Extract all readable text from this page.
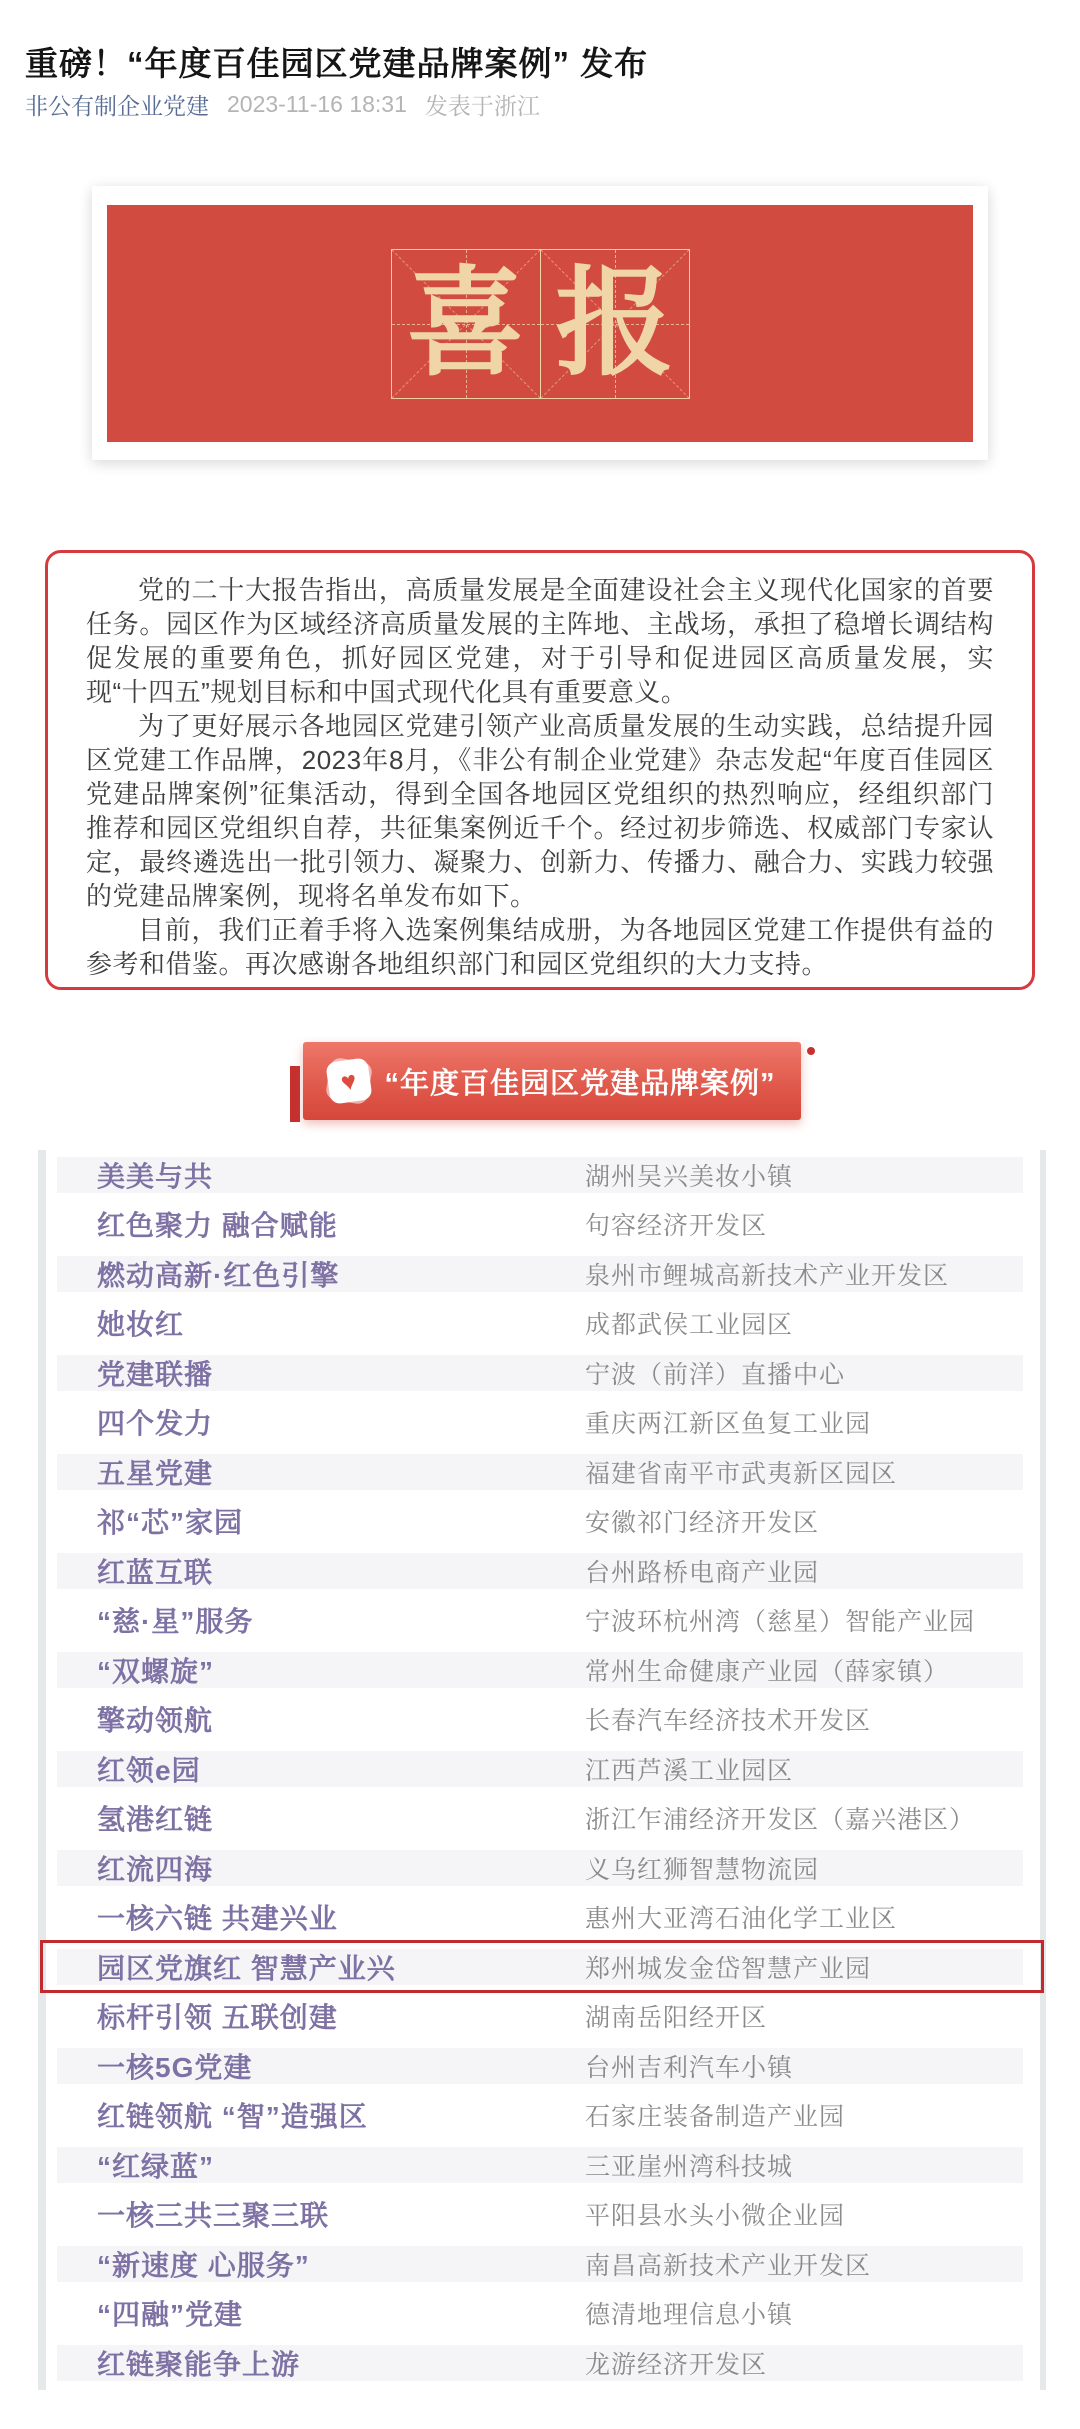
重磅！“年度百佳园区党建品牌案例” 发布
非公有制企业党建 2023-11-16 18:31 发表于浙江
喜 报

党的二十大报告指出，高质量发展是全面建设社会主义现代化国家的首要任务。园区作为区域经济高质量发展的主阵地、主战场，承担了稳增长调结构促发展的重要角色，抓好园区党建，对于引导和促进园区高质量发展，实现“十四五”规划目标和中国式现代化具有重要意义。

为了更好展示各地园区党建引领产业高质量发展的生动实践，总结提升园区党建工作品牌，2023年8月，《非公有制企业党建》杂志发起“年度百佳园区党建品牌案例”征集活动，得到全国各地园区党组织的热烈响应，经组织部门推荐和园区党组织自荐，共征集案例近千个。经过初步筛选、权威部门专家认定，最终遴选出一批引领力、凝聚力、创新力、传播力、融合力、实践力较强的党建品牌案例，现将名单发布如下。

目前，我们正着手将入选案例集结成册，为各地园区党建工作提供有益的参考和借鉴。再次感谢各地组织部门和园区党组织的大力支持。

♥ “年度百佳园区党建品牌案例”
美美与共	湖州吴兴美妆小镇
红色聚力 融合赋能	句容经济开发区
燃动高新·红色引擎	泉州市鲤城高新技术产业开发区
她妆红	成都武侯工业园区
党建联播	宁波（前洋）直播中心
四个发力	重庆两江新区鱼复工业园
五星党建	福建省南平市武夷新区园区
祁“芯”家园	安徽祁门经济开发区
红蓝互联	台州路桥电商产业园
“慈·星”服务	宁波环杭州湾（慈星）智能产业园
“双螺旋”	常州生命健康产业园（薛家镇）
擎动领航	长春汽车经济技术开发区
红领e园	江西芦溪工业园区
氢港红链	浙江乍浦经济开发区（嘉兴港区）
红流四海	义乌红狮智慧物流园
一核六链 共建兴业	惠州大亚湾石油化学工业区
园区党旗红 智慧产业兴	郑州城发金岱智慧产业园
标杆引领 五联创建	湖南岳阳经开区
一核5G党建	台州吉利汽车小镇
红链领航 “智”造强区	石家庄装备制造产业园
“红绿蓝”	三亚崖州湾科技城
一核三共三聚三联	平阳县水头小微企业园
“新速度 心服务”	南昌高新技术产业开发区
“四融”党建	德清地理信息小镇
红链聚能争上游	龙游经济开发区
